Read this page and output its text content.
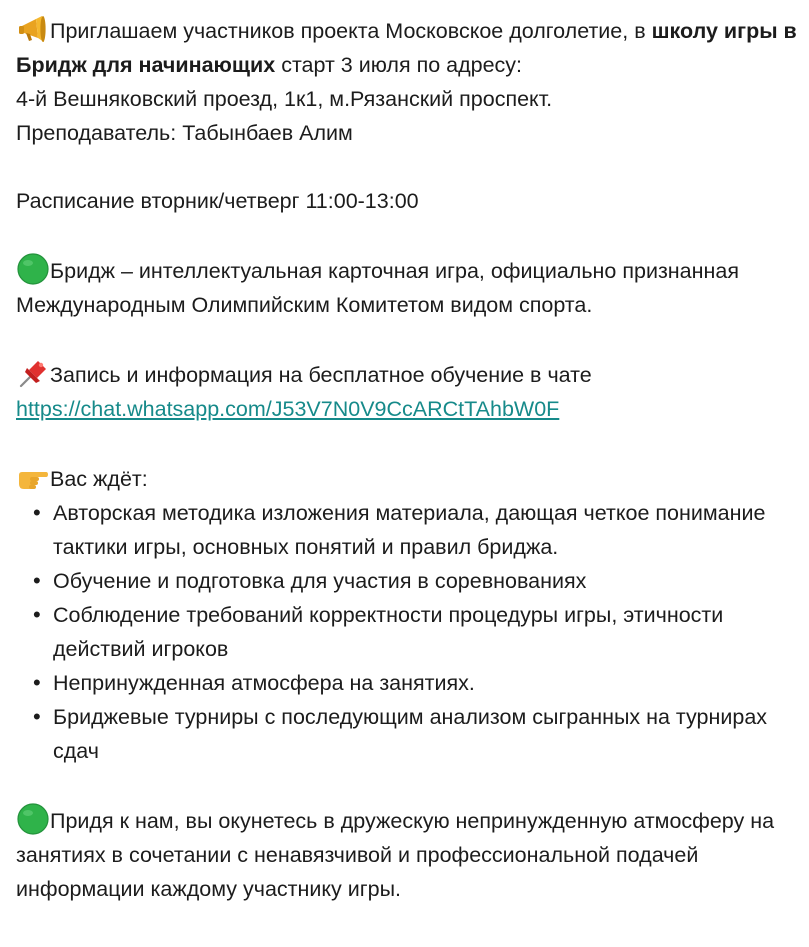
Приглашаем участников проекта Московское долголетие, в школу игры в Бридж для начинающих старт 3 июля по адресу:
4-й Вешняковский проезд, 1к1, м.Рязанский проспект.
Преподаватель: Табынбаев Алим

Расписание вторник/четверг 11:00-13:00

Бридж – интеллектуальная карточная игра, официально признанная Международным Олимпийским Комитетом видом спорта.

Запись и информация на бесплатное обучение в чате
https://chat.whatsapp.com/J53V7N0V9CcARCtTAhbW0F

Вас ждёт:

• Авторская методика изложения материала, дающая четкое понимание тактики игры, основных понятий и правил бриджа.
• Обучение и подготовка для участия в соревнованиях
• Соблюдение требований корректности процедуры игры, этичности действий игроков
• Непринужденная атмосфера на занятиях.
• Бриджевые турниры с последующим анализом сыгранных на турнирах сдач

Придя к нам, вы окунетесь в дружескую непринужденную атмосферу на занятиях в сочетании с ненавязчивой и профессиональной подачей информации каждому участнику игры.
